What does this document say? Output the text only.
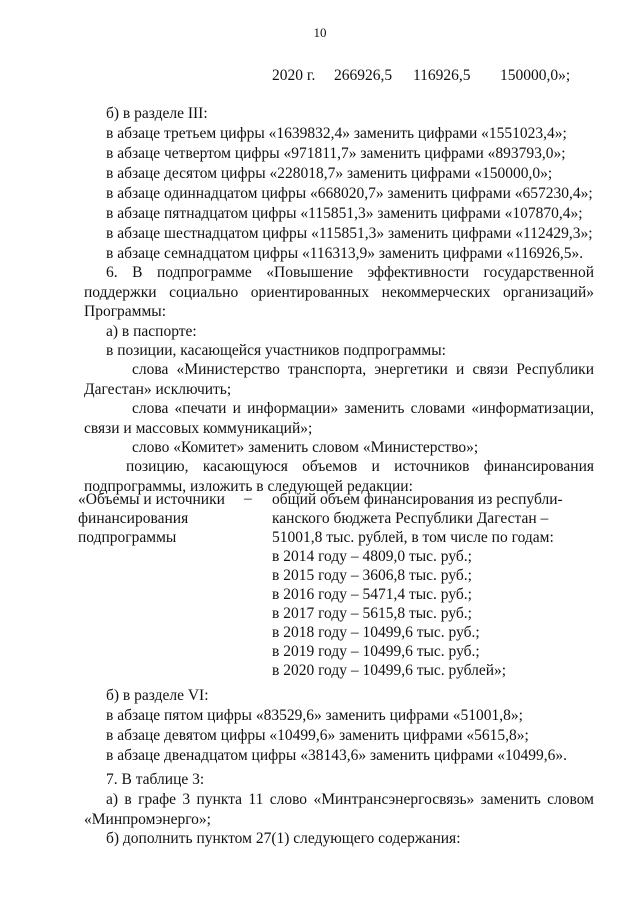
10
2020 г. 266926,5 116926,5 150000,0»;
б) в разделе III:
в абзаце третьем цифры «1639832,4» заменить цифрами «1551023,4»;
в абзаце четвертом цифры «971811,7» заменить цифрами «893793,0»;
в абзаце десятом цифры «228018,7» заменить цифрами «150000,0»;
в абзаце одиннадцатом цифры «668020,7» заменить цифрами «657230,4»;
в абзаце пятнадцатом цифры «115851,3» заменить цифрами «107870,4»;
в абзаце шестнадцатом цифры «115851,3» заменить цифрами «112429,3»;
в абзаце семнадцатом цифры «116313,9» заменить цифрами «116926,5».
6. В подпрограмме «Повышение эффективности государственной поддержки социально ориентированных некоммерческих организаций» Программы:
а) в паспорте:
в позиции, касающейся участников подпрограммы:
слова «Министерство транспорта, энергетики и связи Республики Дагестан» исключить;
слова «печати и информации» заменить словами «информатизации, связи и массовых коммуникаций»;
слово «Комитет» заменить словом «Министерство»;
позицию, касающуюся объемов и источников финансирования подпрограммы, изложить в следующей редакции:
«Объемы и источники финансирования подпрограммы
– общий объем финансирования из республи-
канского бюджета Республики Дагестан –
51001,8 тыс. рублей, в том числе по годам:
в 2014 году – 4809,0 тыс. руб.;
в 2015 году – 3606,8 тыс. руб.;
в 2016 году – 5471,4 тыс. руб.;
в 2017 году – 5615,8 тыс. руб.;
в 2018 году – 10499,6 тыс. руб.;
в 2019 году – 10499,6 тыс. руб.;
в 2020 году – 10499,6 тыс. рублей»;
б) в разделе VI:
в абзаце пятом цифры «83529,6» заменить цифрами «51001,8»;
в абзаце девятом цифры «10499,6» заменить цифрами «5615,8»;
в абзаце двенадцатом цифры «38143,6» заменить цифрами «10499,6».
7. В таблице 3:
а) в графе 3 пункта 11 слово «Минтрансэнергосвязь» заменить словом «Минпромэнерго»;
б) дополнить пунктом 27(1) следующего содержания:
